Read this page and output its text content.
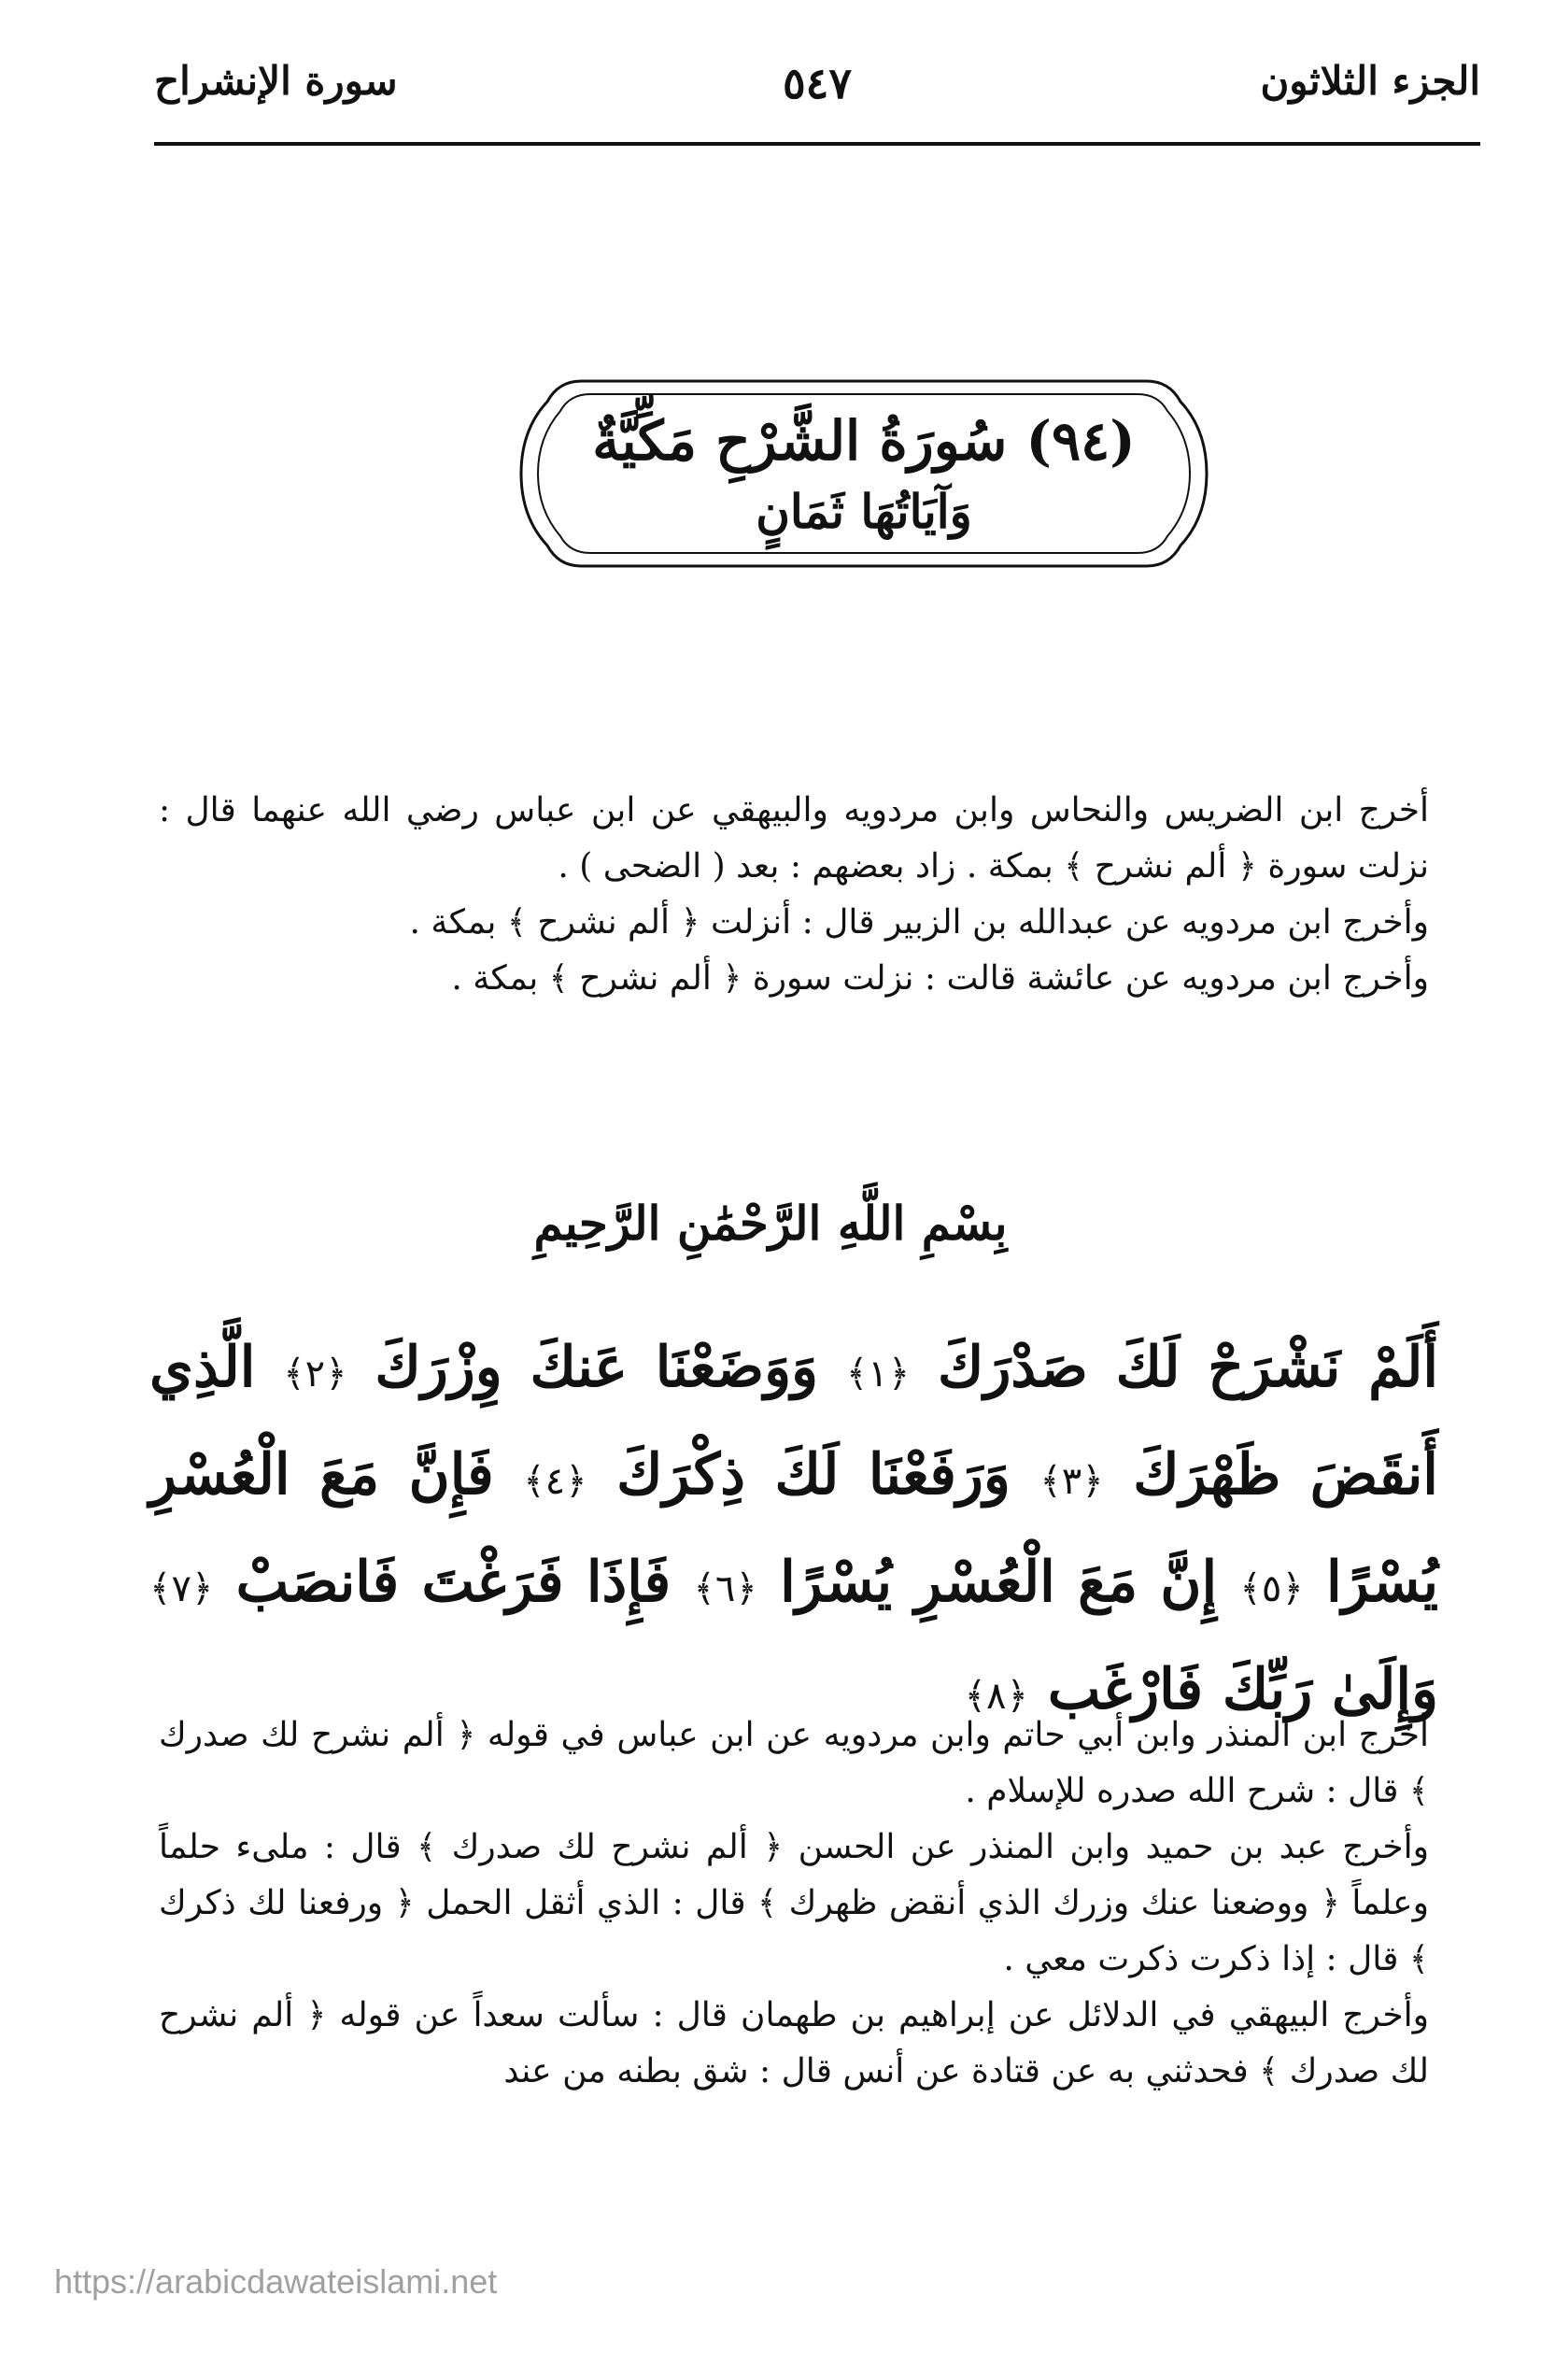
الجزء الثلاثون
٥٤٧
سورة الإنشراح
(٩٤) سُورَةُ الشَّرْحِ مَكِّيَّةٌ
وَآيَاتُهَا ثَمَانٍ

أخرج ابن الضريس والنحاس وابن مردويه والبيهقي عن ابن عباس رضي الله عنهما قال : نزلت سورة ﴿ ألم نشرح ﴾ بمكة . زاد بعضهم : بعد ( الضحى ) .

وأخرج ابن مردويه عن عبدالله بن الزبير قال : أنزلت ﴿ ألم نشرح ﴾ بمكة .

وأخرج ابن مردويه عن عائشة قالت : نزلت سورة ﴿ ألم نشرح ﴾ بمكة .

بِسْمِ اللَّهِ الرَّحْمَٰنِ الرَّحِيمِ
أَلَمْ نَشْرَحْ لَكَ صَدْرَكَ ﴿١﴾ وَوَضَعْنَا عَنكَ وِزْرَكَ ﴿٢﴾ الَّذِي أَنقَضَ ظَهْرَكَ ﴿٣﴾ وَرَفَعْنَا لَكَ ذِكْرَكَ ﴿٤﴾ فَإِنَّ مَعَ الْعُسْرِ يُسْرًا ﴿٥﴾ إِنَّ مَعَ الْعُسْرِ يُسْرًا ﴿٦﴾ فَإِذَا فَرَغْتَ فَانصَبْ ﴿٧﴾ وَإِلَىٰ رَبِّكَ فَارْغَب ﴿٨﴾

أخرج ابن المنذر وابن أبي حاتم وابن مردويه عن ابن عباس في قوله ﴿ ألم نشرح لك صدرك ﴾ قال : شرح الله صدره للإسلام .

وأخرج عبد بن حميد وابن المنذر عن الحسن ﴿ ألم نشرح لك صدرك ﴾ قال : ملىء حلماً وعلماً ﴿ ووضعنا عنك وزرك الذي أنقض ظهرك ﴾ قال : الذي أثقل الحمل ﴿ ورفعنا لك ذكرك ﴾ قال : إذا ذكرت ذكرت معي .

وأخرج البيهقي في الدلائل عن إبراهيم بن طهمان قال : سألت سعداً عن قوله ﴿ ألم نشرح لك صدرك ﴾ فحدثني به عن قتادة عن أنس قال : شق بطنه من عند

https://arabicdawateislami.net
